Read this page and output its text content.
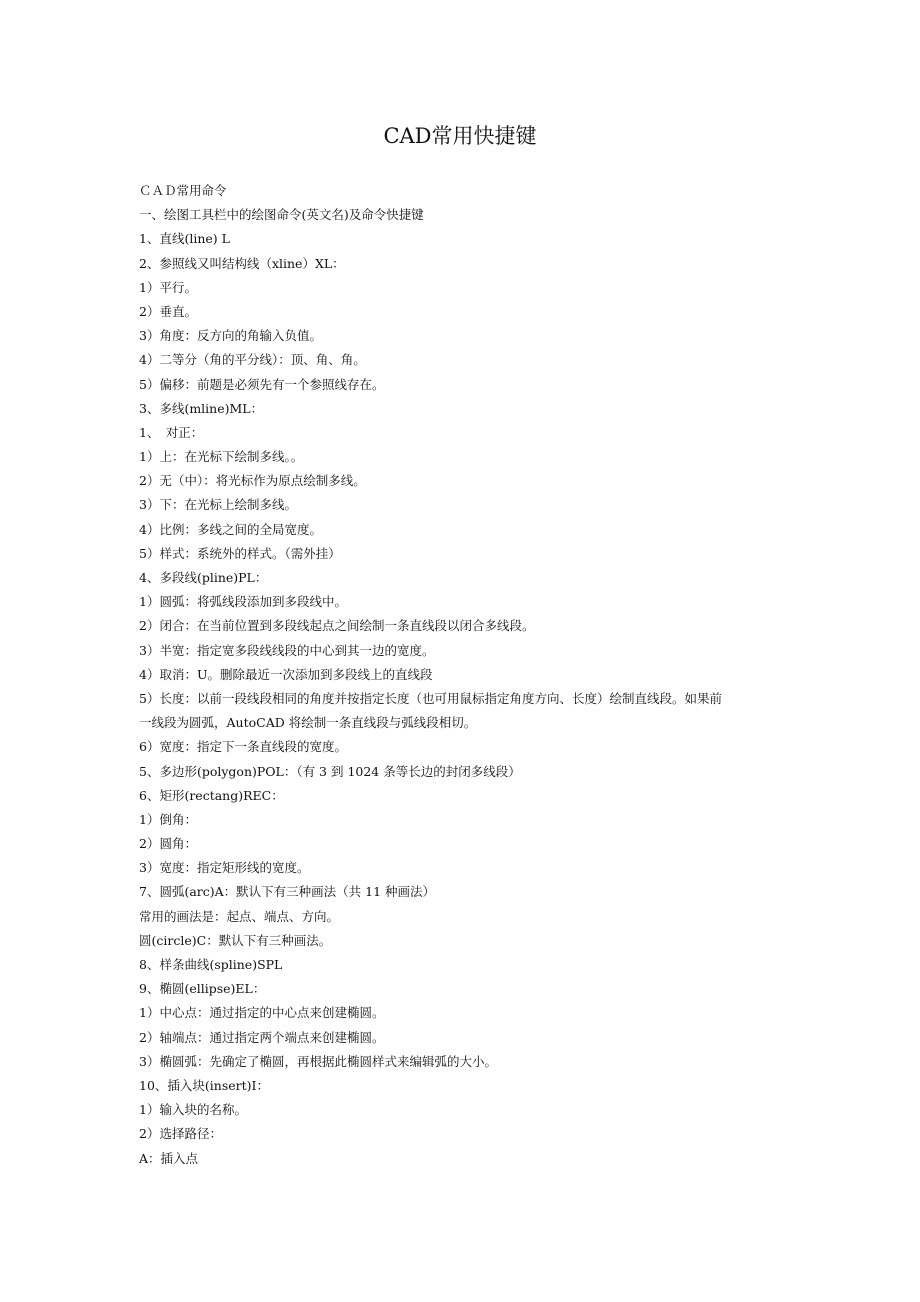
CAD常用快捷键
ＣＡＤ常用命令
一、绘图工具栏中的绘图命令(英文名)及命令快捷键
1、直线(line) L
2、参照线又叫结构线（xline）XL：
1）平行。
2）垂直。
3）角度：反方向的角输入负值。
4）二等分（角的平分线）：顶、角、角。
5）偏移：前题是必须先有一个参照线存在。
3、多线(mline)ML：
1、　对正：
1）上：在光标下绘制多线。。
2）无（中）：将光标作为原点绘制多线。
3）下：在光标上绘制多线。
4）比例：多线之间的全局宽度。
5）样式：系统外的样式。（需外挂）
4、多段线(pline)PL：
1）圆弧：将弧线段添加到多段线中。
2）闭合：在当前位置到多段线起点之间绘制一条直线段以闭合多线段。
3）半宽：指定宽多段线线段的中心到其一边的宽度。
4）取消：U。删除最近一次添加到多段线上的直线段
5）长度：以前一段线段相同的角度并按指定长度（也可用鼠标指定角度方向、长度）绘制直线段。如果前
一线段为圆弧，AutoCAD 将绘制一条直线段与弧线段相切。
6）宽度：指定下一条直线段的宽度。
5、多边形(polygon)POL：（有 3 到 1024 条等长边的封闭多线段）
6、矩形(rectang)REC：
1）倒角：
2）圆角：
3）宽度：指定矩形线的宽度。
7、圆弧(arc)A：默认下有三种画法（共 11 种画法）
常用的画法是：起点、端点、方向。
圆(circle)C：默认下有三种画法。
8、样条曲线(spline)SPL
9、椭圆(ellipse)EL：
1）中心点：通过指定的中心点来创建椭圆。
2）轴端点：通过指定两个端点来创建椭圆。
3）椭圆弧：先确定了椭圆，再根据此椭圆样式来编辑弧的大小。
10、插入块(insert)I：
1）输入块的名称。
2）选择路径：
A：插入点
